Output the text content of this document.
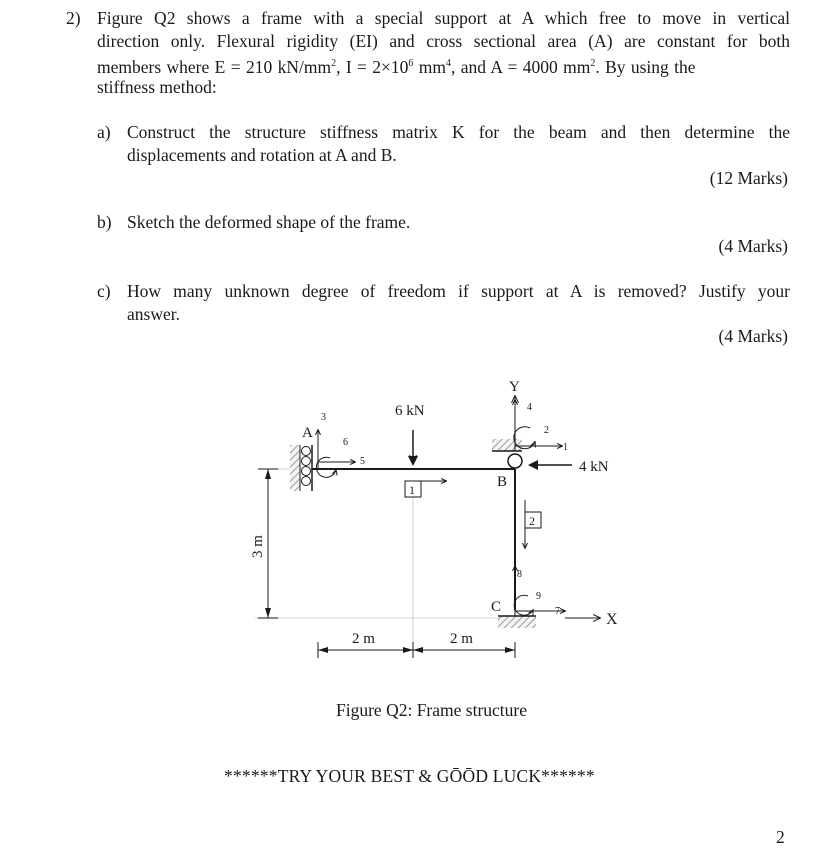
2) Figure Q2 shows a frame with a special support at A which free to move in vertical
direction only. Flexural rigidity (EI) and cross sectional area (A) are constant for both
members where E = 210 $kN/mm^2$, $I = 2\times 10^6$ $mm^4$, and A = 4000 $mm^2$. By using the
stiffness method:
a) Construct the structure stiffness matrix K for the beam and then determine the
displacements and rotation at A and B.
(12 Marks)
b) Sketch the deformed shape of the frame.
(4 Marks)
c) How many unknown degree of freedom if support at A is removed? Justify your
answer.
(4 Marks)
6 kN
4 kN
A
B
C
Y
X
1
2
2 m	2 m
3 m
1
2
3
4
5
6
7
8
9
Figure Q2: Frame structure
******TRY YOUR BEST & GŌŌD LUCK******
2
